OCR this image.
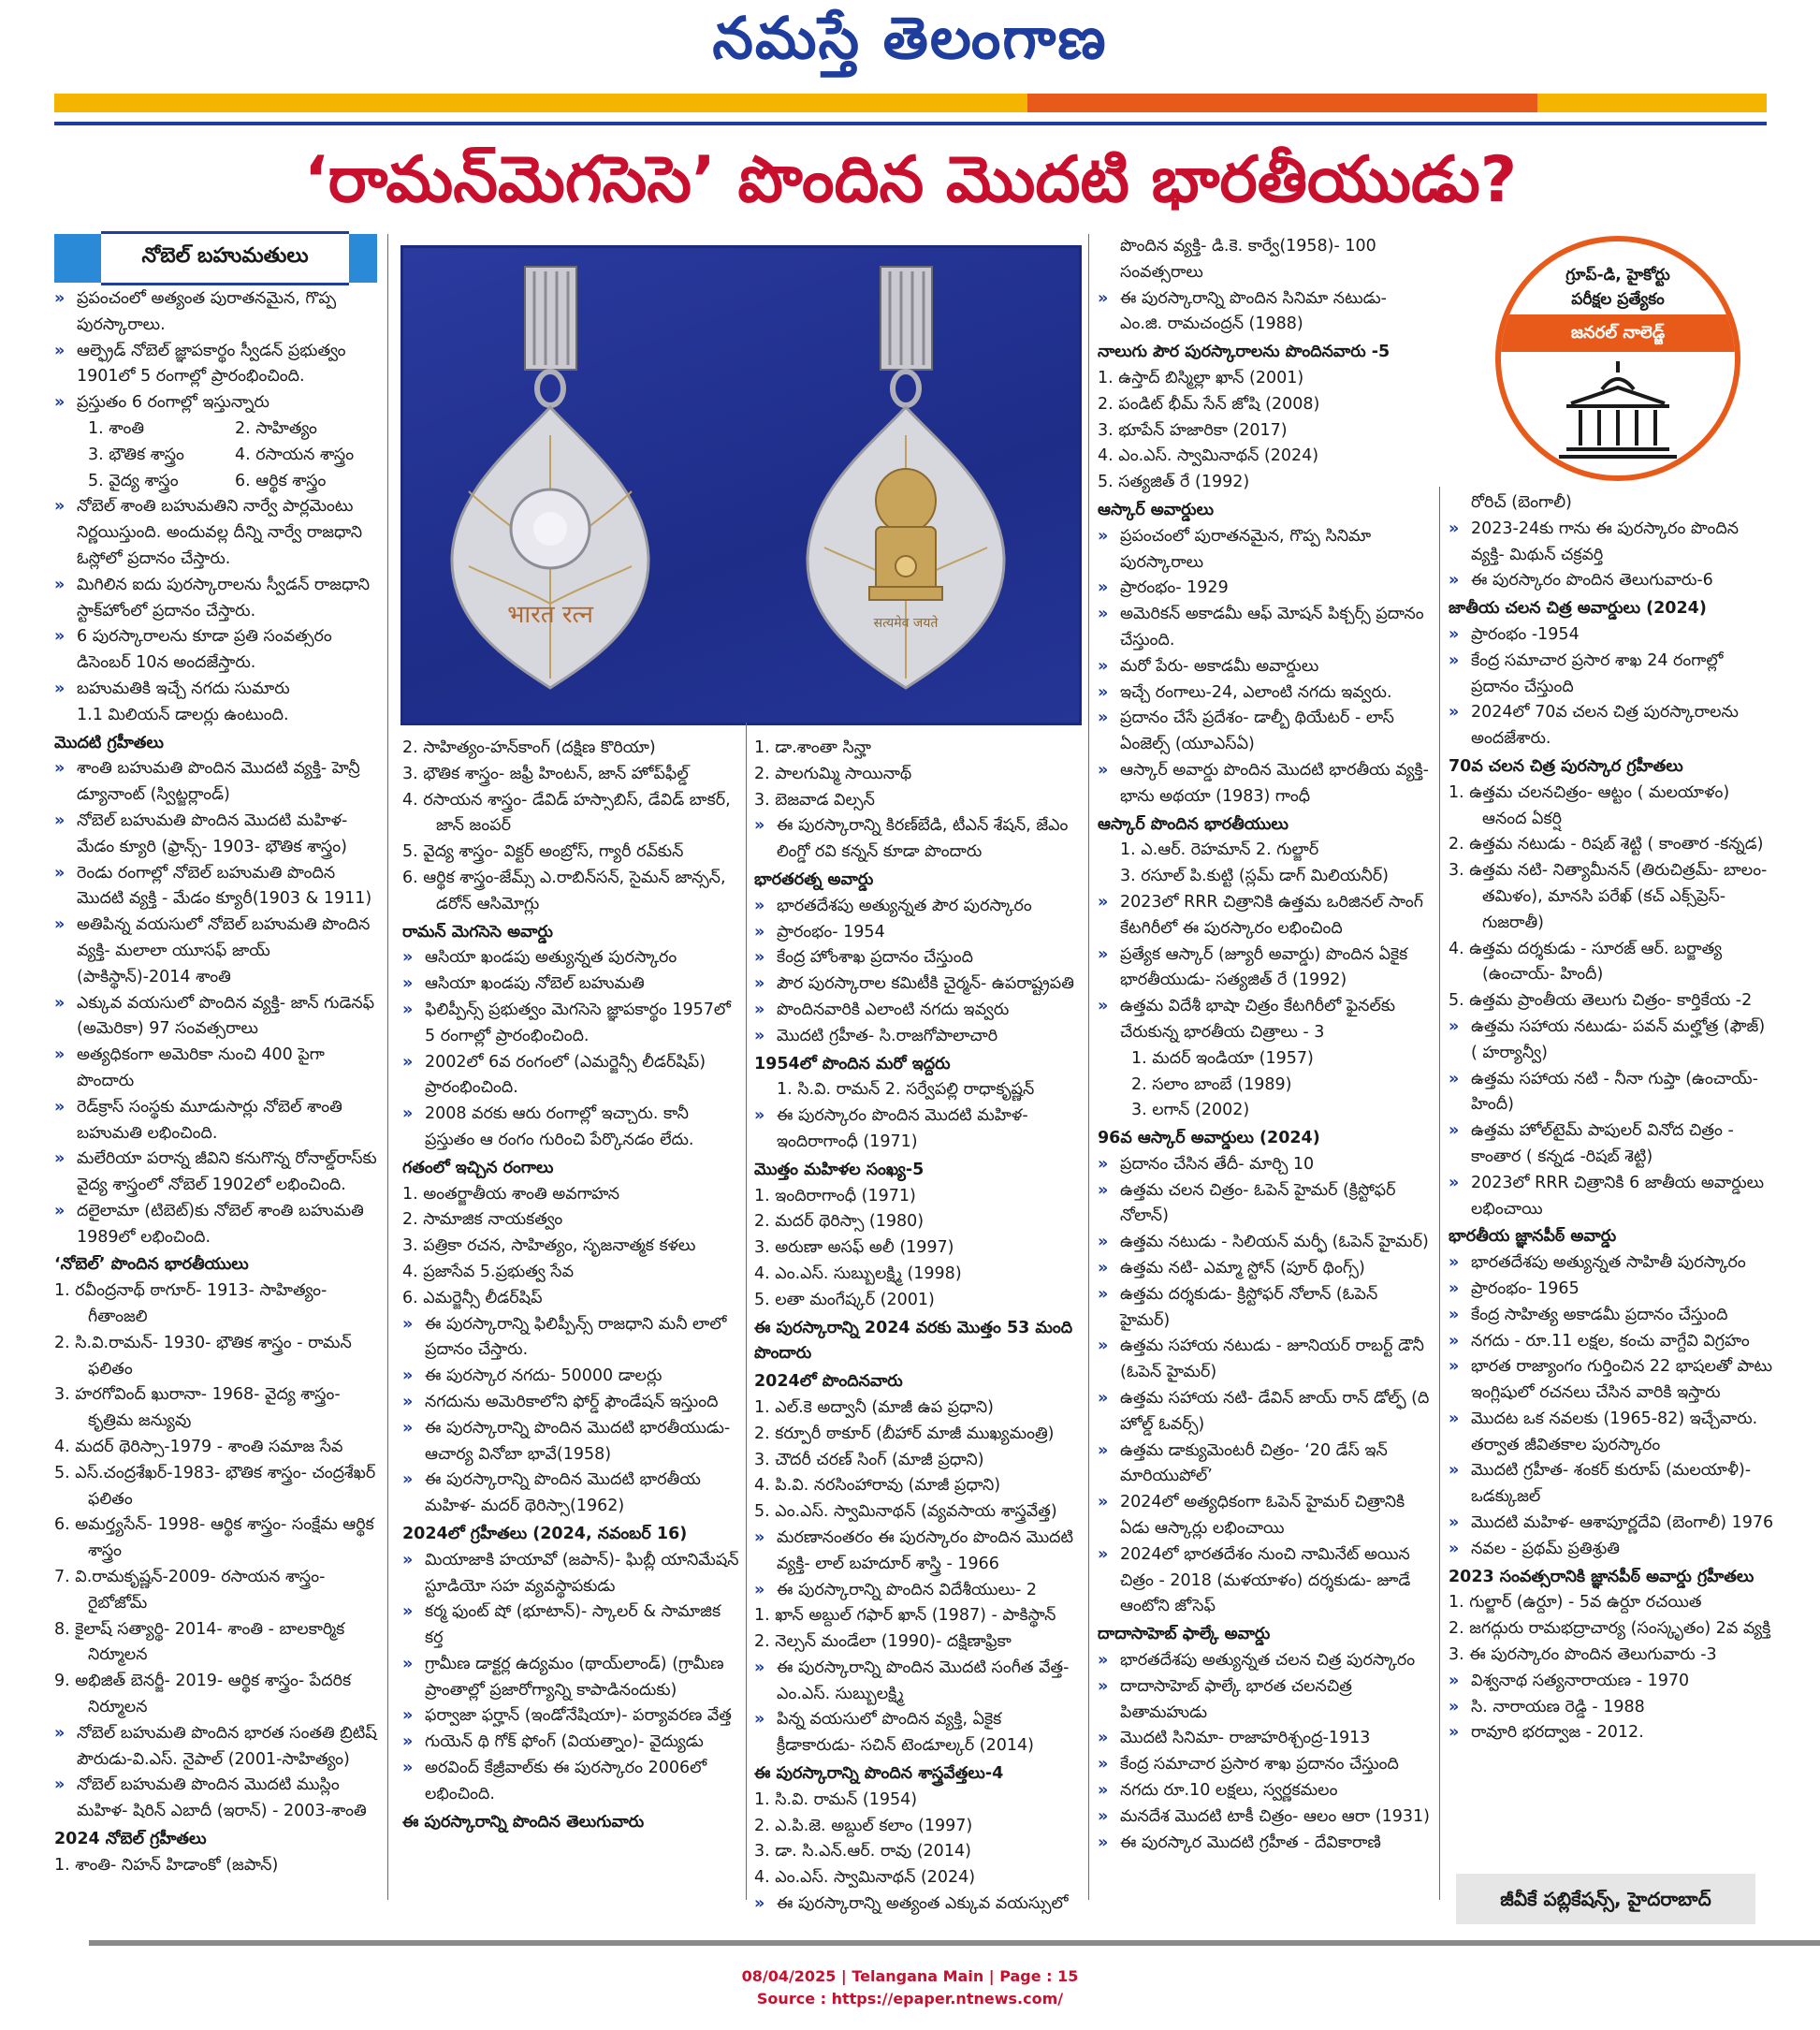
నమస్తే తెలంగాణ
‘రామన్‌మెగసెసె’ పొందిన మొదటి భారతీయుడు?
నోబెల్ బహుమతులు
भारत रत्न	सत्यमेव जयते
గ్రూప్-డి, హైకోర్టు
పరీక్షల ప్రత్యేకం
జనరల్ నాలెడ్జ్
» ప్రపంచంలో అత్యంత పురాతనమైన, గొప్ప పురస్కారాలు.
» ఆల్ఫ్రెడ్ నోబెల్ జ్ఞాపకార్థం స్వీడన్ ప్రభుత్వం 1901లో 5 రంగాల్లో ప్రారంభించింది.
» ప్రస్తుతం 6 రంగాల్లో ఇస్తున్నారు
1. శాంతి	2. సాహిత్యం
3. భౌతిక శాస్త్రం	4. రసాయన శాస్త్రం
5. వైద్య శాస్త్రం	6. ఆర్థిక శాస్త్రం
» నోబెల్ శాంతి బహుమతిని నార్వే పార్లమెంటు నిర్ణయిస్తుంది. అందువల్ల దీన్ని నార్వే రాజధాని ఓస్లోలో ప్రదానం చేస్తారు.
» మిగిలిన ఐదు పురస్కారాలను స్వీడన్ రాజధాని స్టాక్‌హోంలో ప్రదానం చేస్తారు.
» 6 పురస్కారాలను కూడా ప్రతి సంవత్సరం డిసెంబర్ 10న అందజేస్తారు.
» బహుమతికి ఇచ్చే నగదు సుమారు
1.1 మిలియన్ డాలర్లు ఉంటుంది.
మొదటి గ్రహీతలు
» శాంతి బహుమతి పొందిన మొదటి వ్యక్తి- హెన్రీ డ్యూనాంట్ (స్విట్జర్లాండ్)
» నోబెల్ బహుమతి పొందిన మొదటి మహిళ- మేడం క్యూరి (ఫ్రాన్స్- 1903- భౌతిక శాస్త్రం)
» రెండు రంగాల్లో నోబెల్ బహుమతి పొందిన మొదటి వ్యక్తి - మేడం క్యూరీ(1903 & 1911)
» అతిపిన్న వయసులో నోబెల్ బహుమతి పొందిన వ్యక్తి- మలాలా యూసఫ్ జాయ్ (పాకిస్థాన్)-2014 శాంతి
» ఎక్కువ వయసులో పొందిన వ్యక్తి- జాన్ గుడెనఫ్ (అమెరికా) 97 సంవత్సరాలు
» అత్యధికంగా అమెరికా నుంచి 400 పైగా పొందారు
» రెడ్‌క్రాస్ సంస్థకు మూడుసార్లు నోబెల్ శాంతి బహుమతి లభించింది.
» మలేరియా పరాన్న జీవిని కనుగొన్న రోనాల్డ్‌రాస్‌కు వైద్య శాస్త్రంలో నోబెల్ 1902లో లభించింది.
» దలైలామా (టిబెట్)కు నోబెల్ శాంతి బహుమతి 1989లో లభించింది.
‘నోబెల్’ పొందిన భారతీయులు
1. రవీంద్రనాథ్ ఠాగూర్- 1913- సాహిత్యం- గీతాంజలి
2. సి.వి.రామన్- 1930- భౌతిక శాస్త్రం - రామన్ ఫలితం
3. హరగోవింద్ ఖురానా- 1968- వైద్య శాస్త్రం- కృత్రిమ జన్యువు
4. మదర్ థెరిస్సా-1979 - శాంతి సమాజ సేవ
5. ఎస్.చంద్రశేఖర్-1983- భౌతిక శాస్త్రం- చంద్రశేఖర్ ఫలితం
6. అమర్త్యసేన్- 1998- ఆర్థిక శాస్త్రం- సంక్షేమ ఆర్థిక శాస్త్రం
7. వి.రామకృష్ణన్-2009- రసాయన శాస్త్రం- రైబోజోమ్
8. కైలాష్ సత్యార్థి- 2014- శాంతి - బాలకార్మిక నిర్మూలన
9. అభిజిత్ బెనర్జీ- 2019- ఆర్థిక శాస్త్రం- పేదరిక నిర్మూలన
» నోబెల్ బహుమతి పొందిన భారత సంతతి బ్రిటిష్ పౌరుడు-వి.ఎస్. నైపాల్ (2001-సాహిత్యం)
» నోబెల్ బహుమతి పొందిన మొదటి ముస్లిం మహిళ- షిరిన్ ఎబాదీ (ఇరాన్) - 2003-శాంతి
2024 నోబెల్ గ్రహీతలు
1. శాంతి- నిహన్ హిడాంకో (జపాన్)
2. సాహిత్యం-హన్‌కాంగ్ (దక్షిణ కొరియా)
3. భౌతిక శాస్త్రం- జఫ్రీ హింటన్, జాన్ హోప్‌ఫీల్డ్
4. రసాయన శాస్త్రం- డేవిడ్ హస్సాబిస్, డేవిడ్ బాకర్, జాన్ జంపర్
5. వైద్య శాస్త్రం- విక్టర్ అంబ్రోస్, గ్యారీ రవ్‌కున్
6. ఆర్థిక శాస్త్రం-జేమ్స్ ఎ.రాబిన్‌సన్, సైమన్ జాన్సన్, డరోన్ ఆసిమోగ్లు
రామన్ మెగసెసె అవార్డు
» ఆసియా ఖండపు అత్యున్నత పురస్కారం
» ఆసియా ఖండపు నోబెల్ బహుమతి
» ఫిలిప్పీన్స్ ప్రభుత్వం మెగసెసె జ్ఞాపకార్థం 1957లో 5 రంగాల్లో ప్రారంభించింది.
» 2002లో 6వ రంగంలో (ఎమర్జెన్సీ లీడర్‌షిప్) ప్రారంభించింది.
» 2008 వరకు ఆరు రంగాల్లో ఇచ్చారు. కానీ ప్రస్తుతం ఆ రంగం గురించి పేర్కొనడం లేదు.
గతంలో ఇచ్చిన రంగాలు
1. అంతర్జాతీయ శాంతి అవగాహన
2. సామాజిక నాయకత్వం
3. పత్రికా రచన, సాహిత్యం, సృజనాత్మక కళలు
4. ప్రజాసేవ 5.ప్రభుత్వ సేవ
6. ఎమర్జెన్సీ లీడర్‌షిప్
» ఈ పురస్కారాన్ని ఫిలిప్పీన్స్ రాజధాని మనీ లాలో ప్రదానం చేస్తారు.
» ఈ పురస్కార నగదు- 50000 డాలర్లు
» నగదును అమెరికాలోని ఫోర్డ్ ఫౌండేషన్ ఇస్తుంది
» ఈ పురస్కారాన్ని పొందిన మొదటి భారతీయుడు- ఆచార్య వినోబా భావే(1958)
» ఈ పురస్కారాన్ని పొందిన మొదటి భారతీయ మహిళ- మదర్ థెరిస్సా(1962)
2024లో గ్రహీతలు (2024, నవంబర్ 16)
» మియాజాకి హయావో (జపాన్)- ఘిబ్లీ యానిమేషన్ స్టూడియో సహ వ్యవస్థాపకుడు
» కర్మ ఫుంట్ షో (భూటాన్)- స్కాలర్ & సామాజిక కర్త
» గ్రామీణ డాక్టర్ల ఉద్యమం (థాయ్‌లాండ్) (గ్రామీణ ప్రాంతాల్లో ప్రజారోగ్యాన్ని కాపాడినందుకు)
» ఫర్వాజా ఫర్హాన్ (ఇండోనేషియా)- పర్యావరణ వేత్త
» గుయెన్ థి గోక్ ఫోంగ్ (వియత్నాం)- వైద్యుడు
» అరవింద్ కేజ్రీవాల్‌కు ఈ పురస్కారం 2006లో లభించింది.
ఈ పురస్కారాన్ని పొందిన తెలుగువారు
1. డా.శాంతా సిన్హా
2. పాలగుమ్మి సాయినాథ్
3. బెజవాడ విల్సన్
» ఈ పురస్కారాన్ని కిరణ్‌బేడి, టీఎన్ శేషన్, జేఎం లింగ్డో రవి కన్నన్ కూడా పొందారు
భారతరత్న అవార్డు
» భారతదేశపు అత్యున్నత పౌర పురస్కారం
» ప్రారంభం- 1954
» కేంద్ర హోంశాఖ ప్రదానం చేస్తుంది
» పౌర పురస్కారాల కమిటీకి చైర్మన్- ఉపరాష్ట్రపతి
» పొందినవారికి ఎలాంటి నగదు ఇవ్వరు
» మొదటి గ్రహీత- సి.రాజగోపాలాచారి
1954లో పొందిన మరో ఇద్దరు
1. సి.వి. రామన్ 2. సర్వేపల్లి రాధాకృష్ణన్
» ఈ పురస్కారం పొందిన మొదటి మహిళ- ఇందిరాగాంధీ (1971)
మొత్తం మహిళల సంఖ్య-5
1. ఇందిరాగాంధీ (1971)
2. మదర్ థెరిస్సా (1980)
3. అరుణా అసఫ్ అలీ (1997)
4. ఎం.ఎస్. సుబ్బులక్ష్మి (1998)
5. లతా మంగేష్కర్ (2001)
ఈ పురస్కారాన్ని 2024 వరకు మొత్తం 53 మంది పొందారు
2024లో పొందినవారు
1. ఎల్.కె అద్వానీ (మాజీ ఉప ప్రధాని)
2. కర్పూరీ ఠాకూర్ (బీహార్ మాజీ ముఖ్యమంత్రి)
3. చౌదరీ చరణ్ సింగ్ (మాజీ ప్రధాని)
4. పి.వి. నరసింహారావు (మాజీ ప్రధాని)
5. ఎం.ఎస్. స్వామినాథన్ (వ్యవసాయ శాస్త్రవేత్త)
» మరణానంతరం ఈ పురస్కారం పొందిన మొదటి వ్యక్తి- లాల్ బహదూర్ శాస్త్రి - 1966
» ఈ పురస్కారాన్ని పొందిన విదేశీయులు- 2
1. ఖాన్ అబ్దుల్ గఫార్ ఖాన్ (1987) - పాకిస్థాన్
2. నెల్సన్ మండేలా (1990)- దక్షిణాఫ్రికా
» ఈ పురస్కారాన్ని పొందిన మొదటి సంగీత వేత్త- ఎం.ఎస్. సుబ్బులక్ష్మి
» పిన్న వయసులో పొందిన వ్యక్తి, ఏకైక క్రీడాకారుడు- సచిన్ టెండూల్కర్ (2014)
ఈ పురస్కారాన్ని పొందిన శాస్త్రవేత్తలు-4
1. సి.వి. రామన్ (1954)
2. ఎ.పి.జె. అబ్దుల్ కలాం (1997)
3. డా. సి.ఎన్.ఆర్. రావు (2014)
4. ఎం.ఎస్. స్వామినాథన్ (2024)
» ఈ పురస్కారాన్ని అత్యంత ఎక్కువ వయస్సులో
పొందిన వ్యక్తి- డి.కె. కార్వే(1958)- 100 సంవత్సరాలు
» ఈ పురస్కారాన్ని పొందిన సినిమా నటుడు- ఎం.జి. రామచంద్రన్ (1988)
నాలుగు పౌర పురస్కారాలను పొందినవారు -5
1. ఉస్తాద్ బిస్మిల్లా ఖాన్ (2001)
2. పండిట్ భీమ్ సేన్ జోషి (2008)
3. భూపేన్ హజారికా (2017)
4. ఎం.ఎస్. స్వామినాథన్ (2024)
5. సత్యజిత్ రే (1992)
ఆస్కార్ అవార్డులు
» ప్రపంచంలో పురాతనమైన, గొప్ప సినిమా పురస్కారాలు
» ప్రారంభం- 1929
» అమెరికన్ అకాడమీ ఆఫ్ మోషన్ పిక్చర్స్ ప్రదానం చేస్తుంది.
» మరో పేరు- అకాడమీ అవార్డులు
» ఇచ్చే రంగాలు-24, ఎలాంటి నగదు ఇవ్వరు.
» ప్రదానం చేసే ప్రదేశం- డాల్బీ థియేటర్ - లాస్ ఏంజెల్స్ (యూఎస్ఏ)
» ఆస్కార్ అవార్డు పొందిన మొదటి భారతీయ వ్యక్తి- భాను అథయా (1983) గాంధీ
ఆస్కార్ పొందిన భారతీయులు
1. ఎ.ఆర్. రెహమాన్ 2. గుల్జార్
3. రసూల్ పి.కుట్టి (స్లమ్ డాగ్ మిలియనీర్)
» 2023లో RRR చిత్రానికి ఉత్తమ ఒరిజినల్ సాంగ్ కేటగిరీలో ఈ పురస్కారం లభించింది
» ప్రత్యేక ఆస్కార్ (జ్యూరీ అవార్డు) పొందిన ఏకైక భారతీయుడు- సత్యజిత్ రే (1992)
» ఉత్తమ విదేశీ భాషా చిత్రం కేటగిరీలో ఫైనల్‌కు చేరుకున్న భారతీయ చిత్రాలు - 3
1. మదర్ ఇండియా (1957)
2. సలాం బాంబే (1989)
3. లగాన్ (2002)
96వ ఆస్కార్ అవార్డులు (2024)
» ప్రదానం చేసిన తేదీ- మార్చి 10
» ఉత్తమ చలన చిత్రం- ఓపెన్ హైమర్ (క్రిస్టోఫర్ నోలాన్)
» ఉత్తమ నటుడు - సిలియన్ మర్ఫీ (ఓపెన్ హైమర్)
» ఉత్తమ నటి- ఎమ్మా స్టోన్ (పూర్ థింగ్స్)
» ఉత్తమ దర్శకుడు- క్రిస్టోఫర్ నోలాన్ (ఓపెన్ హైమర్)
» ఉత్తమ సహాయ నటుడు - జూనియర్ రాబర్ట్ డౌనీ (ఓపెన్ హైమర్)
» ఉత్తమ సహాయ నటి- డేవిన్ జాయ్ రాన్ డోల్ఫ్ (ది హోల్డ్ ఓవర్స్)
» ఉత్తమ డాక్యుమెంటరీ చిత్రం- ‘20 డేస్ ఇన్ మారియుపోల్’
» 2024లో అత్యధికంగా ఓపెన్ హైమర్ చిత్రానికి ఏడు ఆస్కార్లు లభించాయి
» 2024లో భారతదేశం నుంచి నామినేట్ అయిన చిత్రం - 2018 (మళయాళం) దర్శకుడు- జూడే ఆంటోని జోసెఫ్
దాదాసాహెబ్ ఫాల్కే అవార్డు
» భారతదేశపు అత్యున్నత చలన చిత్ర పురస్కారం
» దాదాసాహెబ్ ఫాల్కే భారత చలనచిత్ర పితామహుడు
» మొదటి సినిమా- రాజాహరిశ్చంద్ర-1913
» కేంద్ర సమాచార ప్రసార శాఖ ప్రదానం చేస్తుంది
» నగదు రూ.10 లక్షలు, స్వర్ణకమలం
» మనదేశ మొదటి టాకీ చిత్రం- ఆలం ఆరా (1931)
» ఈ పురస్కార మొదటి గ్రహీత - దేవికారాణి
రోరిచ్ (బెంగాలీ)
» 2023-24కు గాను ఈ పురస్కారం పొందిన వ్యక్తి- మిథున్ చక్రవర్తి
» ఈ పురస్కారం పొందిన తెలుగువారు-6
జాతీయ చలన చిత్ర అవార్డులు (2024)
» ప్రారంభం -1954
» కేంద్ర సమాచార ప్రసార శాఖ 24 రంగాల్లో ప్రదానం చేస్తుంది
» 2024లో 70వ చలన చిత్ర పురస్కారాలను అందజేశారు.
70వ చలన చిత్ర పురస్కార గ్రహీతలు
1. ఉత్తమ చలనచిత్రం- ఆట్టం ( మలయాళం) ఆనంద ఏకర్షి
2. ఉత్తమ నటుడు - రిషబ్ శెట్టి ( కాంతార -కన్నడ)
3. ఉత్తమ నటి- నిత్యామీనన్ (తిరుచిత్రమ్- బాలం- తమిళం), మానసి పరేఖ్ (కచ్ ఎక్స్‌ప్రెస్- గుజరాతీ)
4. ఉత్తమ దర్శకుడు - సూరజ్ ఆర్. బర్జాత్య (ఉంచాయ్- హిందీ)
5. ఉత్తమ ప్రాంతీయ తెలుగు చిత్రం- కార్తికేయ -2
» ఉత్తమ సహాయ నటుడు- పవన్ మల్హోత్ర (ఫౌజ్) ( హర్యాన్వీ)
» ఉత్తమ సహాయ నటి - నీనా గుప్తా (ఉంచాయ్-హిందీ)
» ఉత్తమ హోల్‌టైమ్ పాపులర్ వినోద చిత్రం - కాంతార ( కన్నడ -రిషబ్ శెట్టి)
» 2023లో RRR చిత్రానికి 6 జాతీయ అవార్డులు లభించాయి
భారతీయ జ్ఞానపీఠ్ అవార్డు
» భారతదేశపు అత్యున్నత సాహితీ పురస్కారం
» ప్రారంభం- 1965
» కేంద్ర సాహిత్య అకాడమీ ప్రదానం చేస్తుంది
» నగదు - రూ.11 లక్షల, కంచు వాగ్దేవి విగ్రహం
» భారత రాజ్యాంగం గుర్తించిన 22 భాషలతో పాటు ఇంగ్లిషులో రచనలు చేసిన వారికి ఇస్తారు
» మొదట ఒక నవలకు (1965-82) ఇచ్చేవారు. తర్వాత జీవితకాల పురస్కారం
» మొదటి గ్రహీత- శంకర్ కురూప్ (మలయాళీ)- ఒడక్కుజల్
» మొదటి మహిళ- ఆశాపూర్ణదేవి (బెంగాలీ) 1976
» నవల - ప్రథమ్ ప్రతిశ్రుతి
2023 సంవత్సరానికి జ్ఞానపీఠ్ అవార్డు గ్రహీతలు
1. గుల్జార్ (ఉర్దూ) - 5వ ఉర్దూ రచయిత
2. జగద్గురు రామభద్రాచార్య (సంస్కృతం) 2వ వ్యక్తి
3. ఈ పురస్కారం పొందిన తెలుగువారు -3
» విశ్వనాథ సత్యనారాయణ - 1970
» సి. నారాయణ రెడ్డి - 1988
» రావూరి భరద్వాజ - 2012.
జీవీకే పబ్లికేషన్స్, హైదరాబాద్
08/04/2025 | Telangana Main | Page : 15
Source : https://epaper.ntnews.com/
